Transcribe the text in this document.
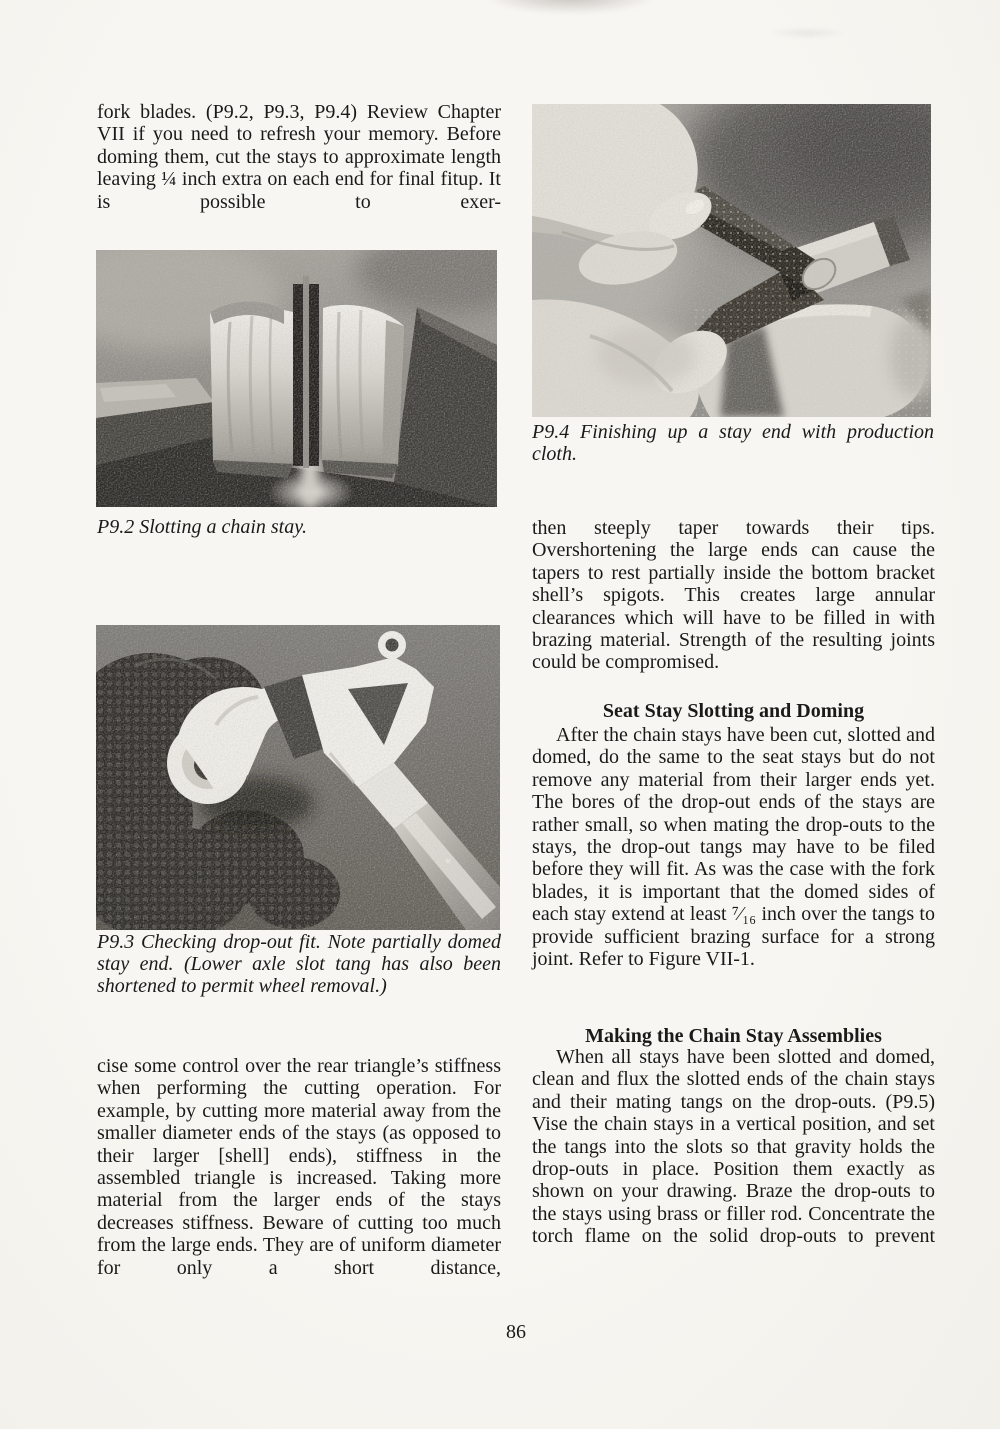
fork blades. (P9.2, P9.3, P9.4) Review Chapter VII if you need to refresh your memory. Before doming them, cut the stays to approximate length leaving ¼ inch extra on each end for final fitup. It is possible to exer-

P9.2 Slotting a chain stay.

P9.3 Checking drop-out fit. Note partially domed stay end. (Lower axle slot tang has also been shortened to permit wheel removal.)

cise some control over the rear triangle’s stiffness when performing the cutting operation. For example, by cutting more material away from the smaller diameter ends of the stays (as opposed to their larger [shell] ends), stiffness in the assembled triangle is increased. Taking more material from the larger ends of the stays decreases stiffness. Beware of cutting too much from the large ends. They are of uniform diameter for only a short distance,

P9.4 Finishing up a stay end with production cloth.

then steeply taper towards their tips. Overshortening the large ends can cause the tapers to rest partially inside the bottom bracket shell’s spigots. This creates large annular clearances which will have to be filled in with brazing material. Strength of the resulting joints could be compromised.

Seat Stay Slotting and Doming

After the chain stays have been cut, slotted and domed, do the same to the seat stays but do not remove any material from their larger ends yet. The bores of the drop-out ends of the stays are rather small, so when mating the drop-outs to the stays, the drop-out tangs may have to be filed before they will fit. As was the case with the fork blades, it is important that the domed sides of each stay extend at least ⁷⁄₁₆ inch over the tangs to provide sufficient brazing surface for a strong joint. Refer to Figure VII-1.

Making the Chain Stay Assemblies

When all stays have been slotted and domed, clean and flux the slotted ends of the chain stays and their mating tangs on the drop-outs. (P9.5) Vise the chain stays in a vertical position, and set the tangs into the slots so that gravity holds the drop-outs in place. Position them exactly as shown on your drawing. Braze the drop-outs to the stays using brass or filler rod. Concentrate the torch flame on the solid drop-outs to prevent

86
